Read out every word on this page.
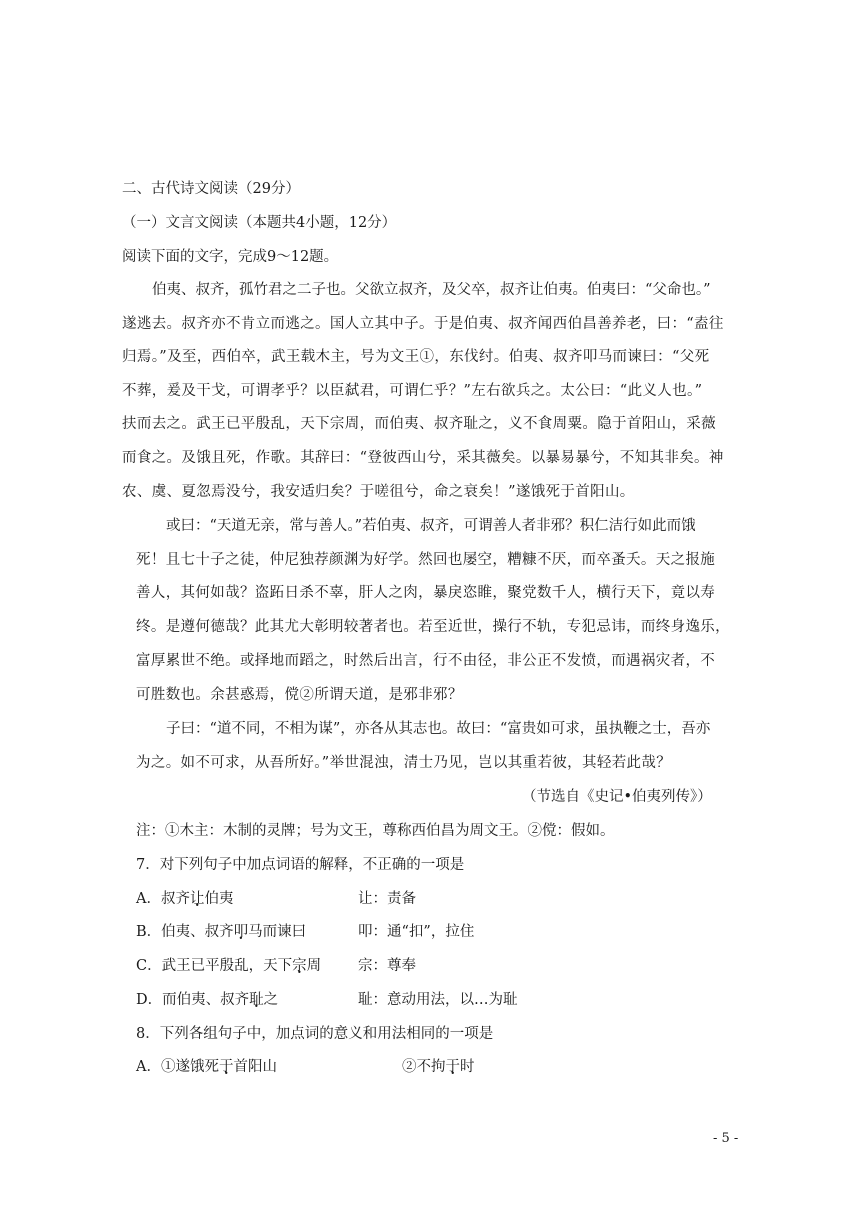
二、古代诗文阅读（29分）
（一）文言文阅读（本题共4小题，12分）
阅读下面的文字，完成9～12题。
伯夷、叔齐，孤竹君之二子也。父欲立叔齐，及父卒，叔齐让伯夷。伯夷曰：“父命也。”
遂逃去。叔齐亦不肯立而逃之。国人立其中子。于是伯夷、叔齐闻西伯昌善养老，曰：“盍往
归焉。”及至，西伯卒，武王载木主，号为文王①，东伐纣。伯夷、叔齐叩马而谏曰：“父死
不葬，爰及干戈，可谓孝乎？以臣弑君，可谓仁乎？”左右欲兵之。太公曰：“此义人也。”
扶而去之。武王已平殷乱，天下宗周，而伯夷、叔齐耻之，义不食周粟。隐于首阳山，采薇
而食之。及饿且死，作歌。其辞曰：“登彼西山兮，采其薇矣。以暴易暴兮，不知其非矣。神
农、虞、夏忽焉没兮，我安适归矣？于嗟徂兮，命之衰矣！”遂饿死于首阳山。
或曰：“天道无亲，常与善人。”若伯夷、叔齐，可谓善人者非邪？积仁洁行如此而饿
死！且七十子之徒，仲尼独荐颜渊为好学。然回也屡空，糟糠不厌，而卒蚤夭。天之报施
善人，其何如哉？盗跖日杀不辜，肝人之肉，暴戾恣睢，聚党数千人，横行天下，竟以寿
终。是遵何德哉？此其尤大彰明较著者也。若至近世，操行不轨，专犯忌讳，而终身逸乐，
富厚累世不绝。或择地而蹈之，时然后出言，行不由径，非公正不发愤，而遇祸灾者，不
可胜数也。余甚惑焉，傥②所谓天道，是邪非邪？
子曰：“道不同，不相为谋”，亦各从其志也。故曰：“富贵如可求，虽执鞭之士，吾亦
为之。如不可求，从吾所好。”举世混浊，清士乃见，岂以其重若彼，其轻若此哉？
（节选自《史记•伯夷列传》）
注：①木主：木制的灵牌；号为文王，尊称西伯昌为周文王。②傥：假如。
7．对下列句子中加点词语的解释，不正确的一项是
A．叔齐让伯夷	让：责备
B．伯夷、叔齐叩马而谏曰	叩：通“扣”，拉住
C．武王已平殷乱，天下宗周	宗：尊奉
D．而伯夷、叔齐耻之	耻：意动用法，以…为耻
8．下列各组句子中，加点词的意义和用法相同的一项是
A．①遂饿死于首阳山	②不拘于时
- 5 -
